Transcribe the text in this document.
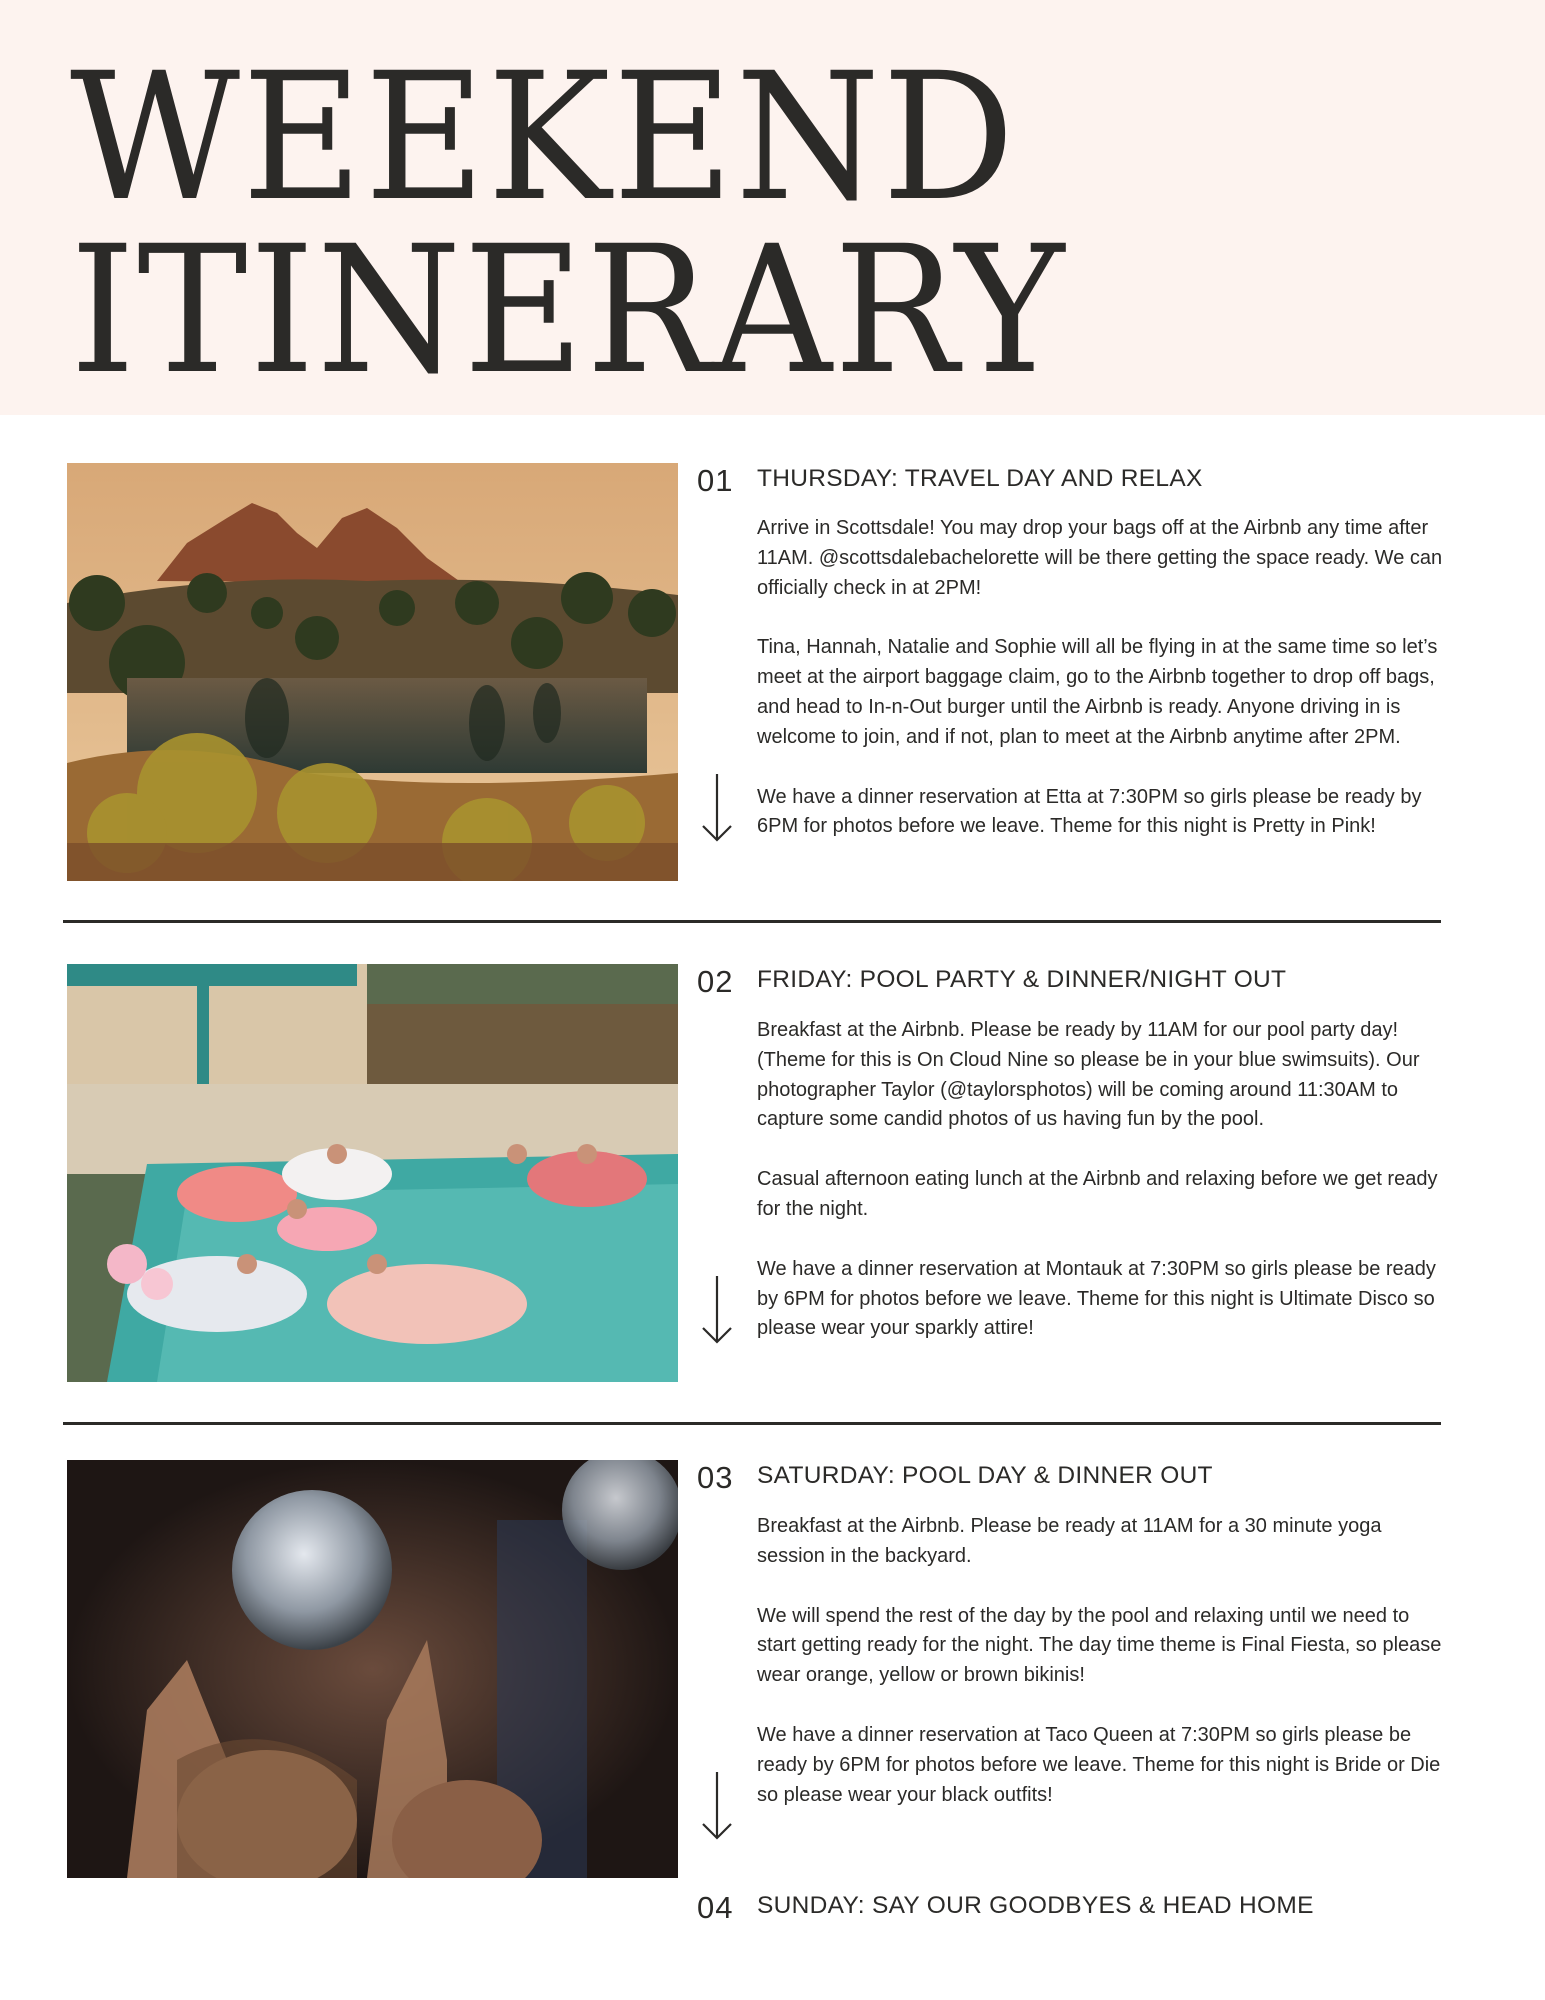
WEEKEND
ITINERARY
01 THURSDAY: TRAVEL DAY AND RELAX

Arrive in Scottsdale! You may drop your bags off at the Airbnb any time after 11AM. @scottsdalebachelorette will be there getting the space ready. We can officially check in at 2PM!

Tina, Hannah, Natalie and Sophie will all be flying in at the same time so let’s meet at the airport baggage claim, go to the Airbnb together to drop off bags, and head to In-n-Out burger until the Airbnb is ready. Anyone driving in is welcome to join, and if not, plan to meet at the Airbnb anytime after 2PM.

We have a dinner reservation at Etta at 7:30PM so girls please be ready by 6PM for photos before we leave. Theme for this night is Pretty in Pink!

02 FRIDAY: POOL PARTY & DINNER/NIGHT OUT

Breakfast at the Airbnb. Please be ready by 11AM for our pool party day! (Theme for this is On Cloud Nine so please be in your blue swimsuits). Our photographer Taylor (@taylorsphotos) will be coming around 11:30AM to capture some candid photos of us having fun by the pool.

Casual afternoon eating lunch at the Airbnb and relaxing before we get ready for the night.

We have a dinner reservation at Montauk at 7:30PM so girls please be ready by 6PM for photos before we leave. Theme for this night is Ultimate Disco so please wear your sparkly attire!

03 SATURDAY: POOL DAY & DINNER OUT

Breakfast at the Airbnb. Please be ready at 11AM for a 30 minute yoga session in the backyard.

We will spend the rest of the day by the pool and relaxing until we need to start getting ready for the night. The day time theme is Final Fiesta, so please wear orange, yellow or brown bikinis!

We have a dinner reservation at Taco Queen at 7:30PM so girls please be ready by 6PM for photos before we leave. Theme for this night is Bride or Die so please wear your black outfits!

04 SUNDAY: SAY OUR GOODBYES & HEAD HOME
